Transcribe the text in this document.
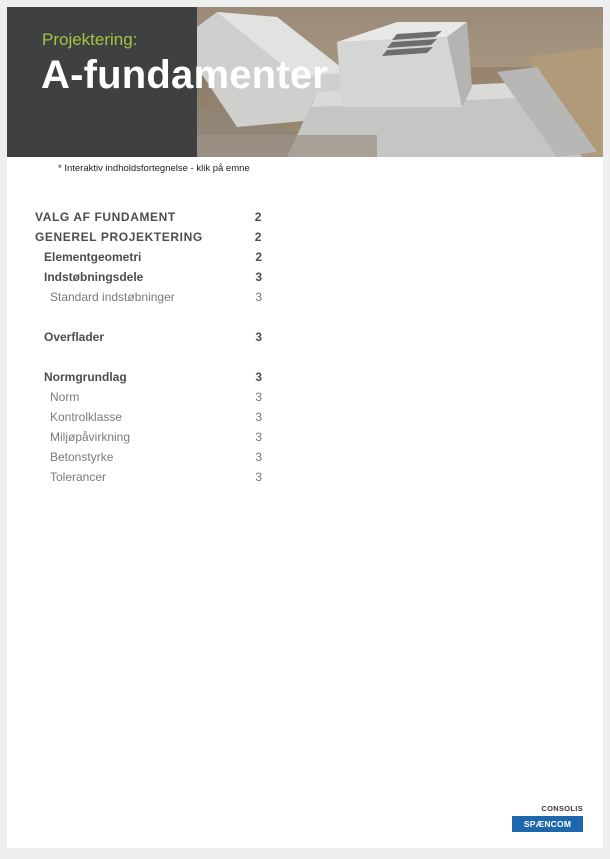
Projektering:
A-fundamenter
* Interaktiv indholdsfortegnelse - klik på emne
VALG AF FUNDAMENT	2
GENEREL PROJEKTERING	2
Elementgeometri	2
Indstøbningsdele	3
Standard indstøbninger	3
Overflader	3
Normgrundlag	3
Norm	3
Kontrolklasse	3
Miljøpåvirkning	3
Betonstyrke	3
Tolerancer	3
CONSOLIS
SPÆNCOM
